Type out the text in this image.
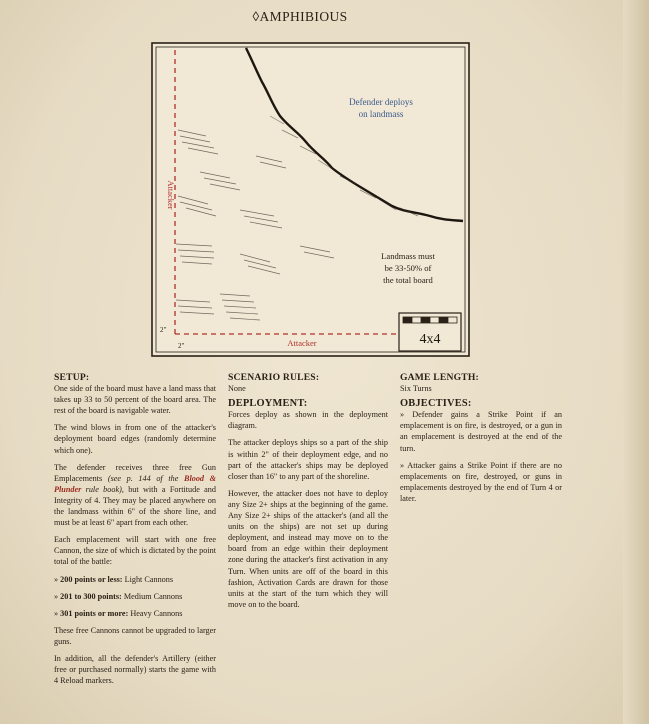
◊AMPHIBIOUS
2"
2"
Attacker
Attacker
Defender deploys
on landmass
Landmass must
be 33-50% of
the total board
4x4
SETUP:

One side of the board must have a land mass that takes up 33 to 50 percent of the board area. The rest of the board is navigable water.

The wind blows in from one of the attacker's deployment board edges (randomly determine which one).

The defender receives three free Gun Emplacements (see p. 144 of the Blood & Plunder rule book), but with a Fortitude and Integrity of 4. They may be placed anywhere on the landmass within 6" of the shore line, and must be at least 6" apart from each other.

Each emplacement will start with one free Cannon, the size of which is dictated by the point total of the battle:

» 200 points or less: Light Cannons
» 201 to 300 points: Medium Cannons
» 301 points or more: Heavy Cannons

These free Cannons cannot be upgraded to larger guns.

In addition, all the defender's Artillery (either free or purchased normally) starts the game with 4 Reload markers.

SCENARIO RULES:
None
DEPLOYMENT:

Forces deploy as shown in the deployment diagram.

The attacker deploys ships so a part of the ship is within 2" of their deployment edge, and no part of the attacker's ships may be deployed closer than 16" to any part of the shoreline.

However, the attacker does not have to deploy any Size 2+ ships at the beginning of the game. Any Size 2+ ships of the attacker's (and all the units on the ships) are not set up during deployment, and instead may move on to the board from an edge within their deployment zone during the attacker's first activation in any Turn. When units are off of the board in this fashion, Activation Cards are drawn for those units at the start of the turn which they will move on to the board.

GAME LENGTH:
Six Turns
OBJECTIVES:

» Defender gains a Strike Point if an emplacement is on fire, is destroyed, or a gun in an emplacement is destroyed at the end of the turn.

» Attacker gains a Strike Point if there are no emplacements on fire, destroyed, or guns in emplacements destroyed by the end of Turn 4 or later.
